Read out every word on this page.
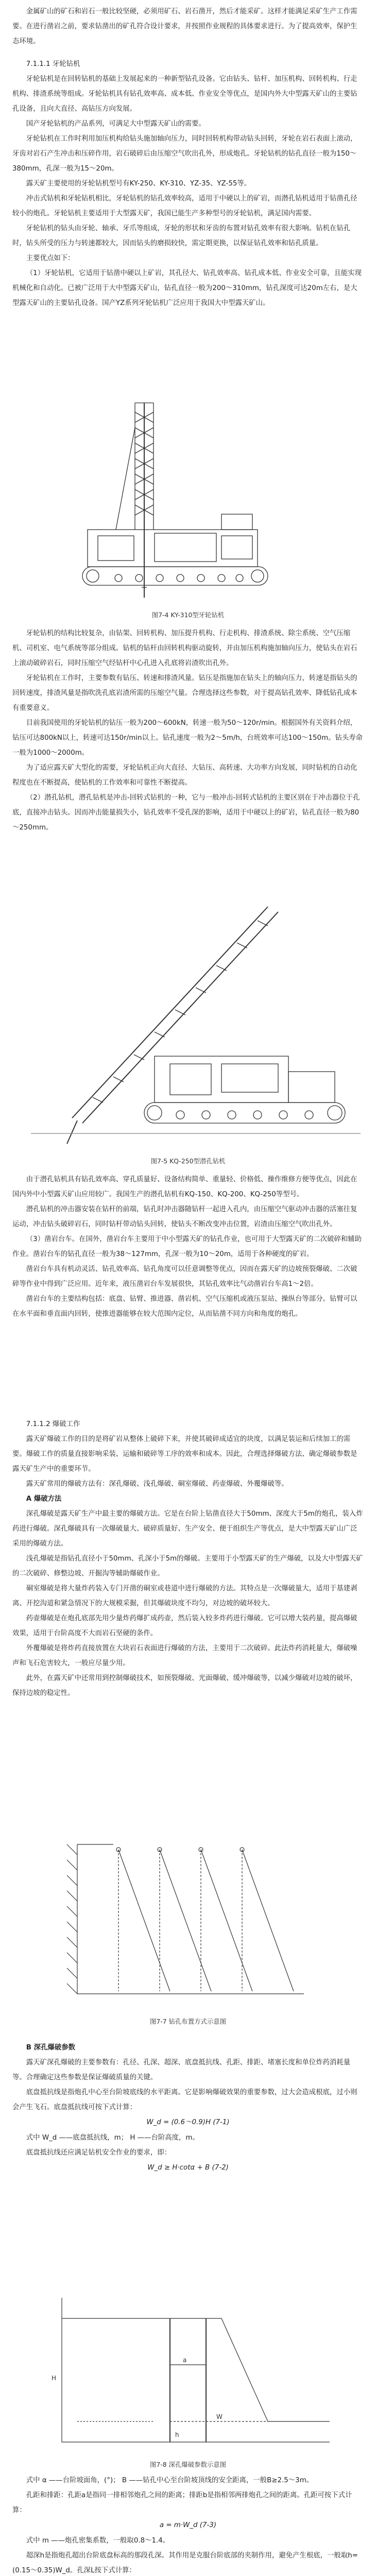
金属矿山的矿石和岩石一般比较坚硬，必须用矿石、岩石凿开，然后才能采矿。这样才能满足采矿生产工作需要。在进行凿岩之前，要求钻凿出的矿孔符合设计要求，并按照作业规程的具体要求进行。为了提高效率，保护生态环境。

7.1.1.1 牙轮钻机

牙轮钻机是在回转钻机的基础上发展起来的一种新型钻孔设备。它由钻头、钻杆、加压机构、回转机构、行走机构、排渣系统等组成。牙轮钻机具有钻孔效率高、成本低、作业安全等优点，是国内外大中型露天矿山的主要钻孔设备，且向大直径、高钻压方向发展。

国产牙轮钻机的产品系列，可满足大中型露天矿山的需要。

牙轮钻机在工作时利用加压机构给钻头施加轴向压力，同时回转机构带动钻头回转，牙轮在岩石表面上滚动，牙齿对岩石产生冲击和压碎作用，岩石破碎后由压缩空气吹出孔外，形成炮孔。牙轮钻机的钻孔直径一般为150～380mm，孔深一般为15～20m。

露天矿主要使用的牙轮钻机型号有KY-250、KY-310、YZ-35、YZ-55等。

冲击式钻机和牙轮钻机相比，牙轮钻机的钻孔效率较高，适用于中硬以上的矿岩，而潜孔钻机适用于钻凿孔径较小的炮孔。牙轮钻机主要适用于大型露天矿，我国已能生产多种型号的牙轮钻机，满足国内需要。

牙轮钻机的钻头由牙轮、轴承、牙爪等组成，牙轮的形状和牙齿的布置对钻孔效率有很大影响。钻机在钻孔时，钻头所受的压力与转速都较大，因而钻头的磨损较快，需定期更换，以保证钻孔效率和钻孔质量。

主要优点如下：

（1）牙轮钻机，它适用于钻凿中硬以上矿岩，其孔径大、钻孔效率高、钻孔成本低、作业安全可靠，且能实现机械化和自动化。已被广泛用于大中型露天矿山，钻孔直径一般为200～310mm，钻孔深度可达20m左右，是大型露天矿山的主要钻孔设备。国产YZ系列牙轮钻机广泛应用于我国大中型露天矿山。

图7-4 KY-310型牙轮钻机

牙轮钻机的结构比较复杂，由钻架、回转机构、加压提升机构、行走机构、排渣系统、除尘系统、空气压缩机、司机室、电气系统等部分组成。钻机的钻杆由回转机构驱动旋转，并由加压机构施加轴向压力，使钻头在岩石上滚动破碎岩石，同时压缩空气经钻杆中心孔进入孔底将岩渣吹出孔外。

牙轮钻机在工作时，主要参数有钻压、转速和排渣风量。钻压是指施加在钻头上的轴向压力，转速是指钻头的回转速度，排渣风量是指吹洗孔底岩渣所需的压缩空气量。合理选择这些参数，对于提高钻孔效率、降低钻孔成本有重要意义。

目前我国使用的牙轮钻机的钻压一般为200～600kN，转速一般为50～120r/min。根据国外有关资料介绍，钻压可达800kN以上，转速可达150r/min以上。钻孔速度一般为2～5m/h，台班效率可达100～150m。钻头寿命一般为1000～2000m。

为了适应露天矿大型化的需要，牙轮钻机正向大直径、大钻压、高转速、大功率方向发展，同时钻机的自动化程度也在不断提高，使钻机的工作效率和可靠性不断提高。

（2）潜孔钻机，潜孔钻机是冲击-回转式钻机的一种，它与一般冲击-回转式钻机的主要区别在于冲击器位于孔底，直接冲击钻头。因而冲击能量损失小，钻孔效率不受孔深的影响，适用于中硬以上的矿岩，钻孔直径一般为80～250mm。

图7-5 KQ-250型潜孔钻机

由于潜孔钻机具有钻孔效率高、穿孔质量好、设备结构简单、重量轻、价格低、操作维修方便等优点，因此在国内外中小型露天矿山应用较广。我国生产的潜孔钻机有KQ-150、KQ-200、KQ-250等型号。

潜孔钻机的冲击器安装在钻杆的前端，钻孔时冲击器随钻杆一起进入孔内，由压缩空气驱动冲击器的活塞往复运动，冲击钻头破碎岩石，同时钻杆带动钻头回转，使钻头不断改变冲击位置，岩渣由压缩空气吹出孔外。

（3）凿岩台车。在国外，凿岩台车主要用于中小型露天矿的钻孔作业，也可用于大型露天矿的二次破碎和辅助作业。凿岩台车的钻孔直径一般为38～127mm，孔深一般为10～20m，适用于各种硬度的矿岩。

凿岩台车具有机动灵活、钻孔效率高、钻孔角度可以任意调整等优点，因而在露天矿的边坡预裂爆破、二次破碎等作业中得到广泛应用。近年来，液压凿岩台车发展很快，其钻孔效率比气动凿岩台车高1～2倍。

凿岩台车的主要结构包括：底盘、钻臂、推进器、凿岩机、空气压缩机或液压泵站、操纵台等部分。钻臂可以在水平面和垂直面内回转，使推进器能够在较大范围内定位，从而钻凿不同方向和角度的炮孔。

7.1.1.2 爆破工作

露天矿爆破工作的目的是将矿岩从整体上破碎下来，并使其破碎成适宜的块度，以满足装运和后续加工的需要。爆破工作的质量直接影响采装、运输和破碎等工序的效率和成本。因此，合理选择爆破方法、确定爆破参数是露天矿生产中的重要环节。

露天矿常用的爆破方法有：深孔爆破、浅孔爆破、硐室爆破、药壶爆破、外覆爆破等。

A 爆破方法

深孔爆破是露天矿生产中最主要的爆破方法。它是在台阶上钻凿直径大于50mm、深度大于5m的炮孔，装入炸药进行爆破。深孔爆破具有一次爆破量大、破碎质量好、生产安全、便于组织生产等优点，是大中型露天矿山广泛采用的爆破方法。

浅孔爆破是指钻孔直径小于50mm、孔深小于5m的爆破。主要用于小型露天矿的生产爆破，以及大中型露天矿的二次破碎、修整边坡、开掘沟等辅助爆破作业。

硐室爆破是将大量炸药装入专门开凿的硐室或巷道中进行爆破的方法。其特点是一次爆破量大，适用于基建剥离、开挖沟道和紧急情况下的大规模采掘，但其爆破块度不均匀，对边坡的破坏较大。

药壶爆破是在炮孔底部先用少量炸药爆扩成药壶，然后装入较多炸药进行爆破。它可以增大装药量，提高爆破效果，适用于台阶高度不大而岩石坚硬的条件。

外覆爆破是将炸药直接放置在大块岩石表面进行爆破的方法，主要用于二次破碎。此法炸药消耗量大，爆破噪声和飞石危害较大，一般应尽量少用。

此外，在露天矿中还常用到控制爆破技术，如预裂爆破、光面爆破、缓冲爆破等，以减少爆破对边坡的破坏，保持边坡的稳定性。

图7-7 钻孔布置方式示意图
B 深孔爆破参数

露天矿深孔爆破的主要参数有：孔径、孔深、超深、底盘抵抗线、孔距、排距、堵塞长度和单位炸药消耗量等。合理确定这些参数是保证爆破质量的关键。

底盘抵抗线是指炮孔中心至台阶坡底线的水平距离。它是影响爆破效果的重要参数，过大会造成根底，过小则会产生飞石。底盘抵抗线可按下式计算：

W_d = (0.6～0.9)H (7-1)

式中 W_d ——底盘抵抗线，m； H ——台阶高度，m。

底盘抵抗线还应满足钻机安全作业的要求，即：

W_d ≥ H·cotα + B (7-2)
a
W
H
h
图7-8 深孔爆破参数示意图

式中 α ——台阶坡面角，(°)； B ——钻孔中心至台阶坡顶线的安全距离，一般B≥2.5～3m。

孔距和排距：孔距a是指同一排相邻炮孔之间的距离；排距b是指相邻两排炮孔之间的距离。孔距可按下式计算：

a = m·W_d (7-3)

式中 m ——炮孔密集系数，一般取0.8～1.4。

超深h是指炮孔超出台阶底盘标高的那段孔深。其作用是克服台阶底部的夹制作用，避免产生根底，一般取h=(0.15～0.35)W_d。孔深L按下式计算：
